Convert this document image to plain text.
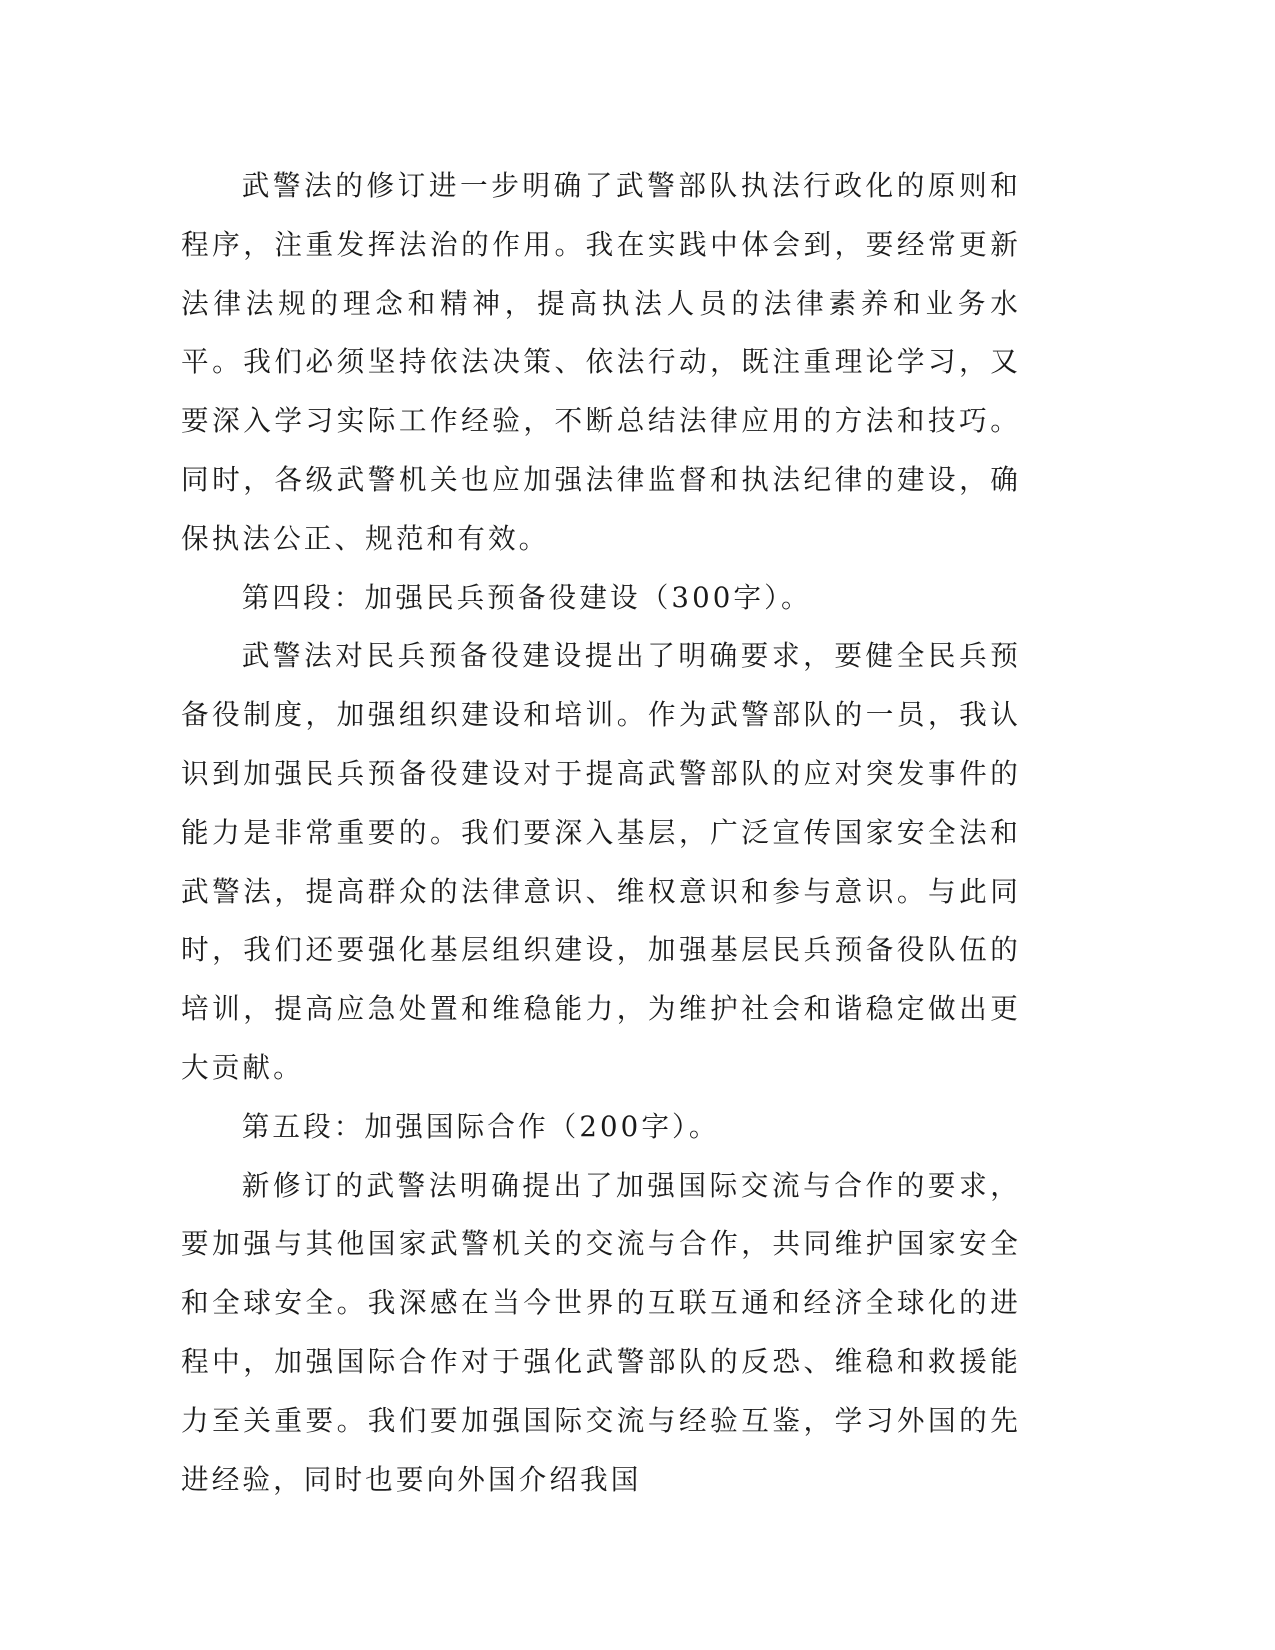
武警法的修订进一步明确了武警部队执法行政化的原则和程序，注重发挥法治的作用。我在实践中体会到，要经常更新法律法规的理念和精神，提高执法人员的法律素养和业务水平。我们必须坚持依法决策、依法行动，既注重理论学习，又要深入学习实际工作经验，不断总结法律应用的方法和技巧。同时，各级武警机关也应加强法律监督和执法纪律的建设，确保执法公正、规范和有效。

第四段：加强民兵预备役建设（300字）。

武警法对民兵预备役建设提出了明确要求，要健全民兵预备役制度，加强组织建设和培训。作为武警部队的一员，我认识到加强民兵预备役建设对于提高武警部队的应对突发事件的能力是非常重要的。我们要深入基层，广泛宣传国家安全法和武警法，提高群众的法律意识、维权意识和参与意识。与此同时，我们还要强化基层组织建设，加强基层民兵预备役队伍的培训，提高应急处置和维稳能力，为维护社会和谐稳定做出更大贡献。

第五段：加强国际合作（200字）。

新修订的武警法明确提出了加强国际交流与合作的要求，要加强与其他国家武警机关的交流与合作，共同维护国家安全和全球安全。我深感在当今世界的互联互通和经济全球化的进程中，加强国际合作对于强化武警部队的反恐、维稳和救援能力至关重要。我们要加强国际交流与经验互鉴，学习外国的先进经验，同时也要向外国介绍我国
